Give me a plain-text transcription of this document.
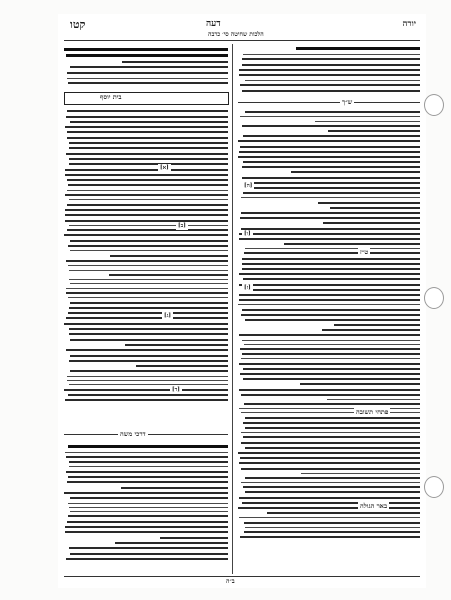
קטו	דעה	יורה
הלכות שחיטה סי׳ כרבה
בית יוסף
[א]
[ב]
[ג]
[ד]
דרכי משה
ש״ך
[ה]
[ו]
[ז]
ט״ז
פתחי תשובה
באר הגולה
ב״ה
